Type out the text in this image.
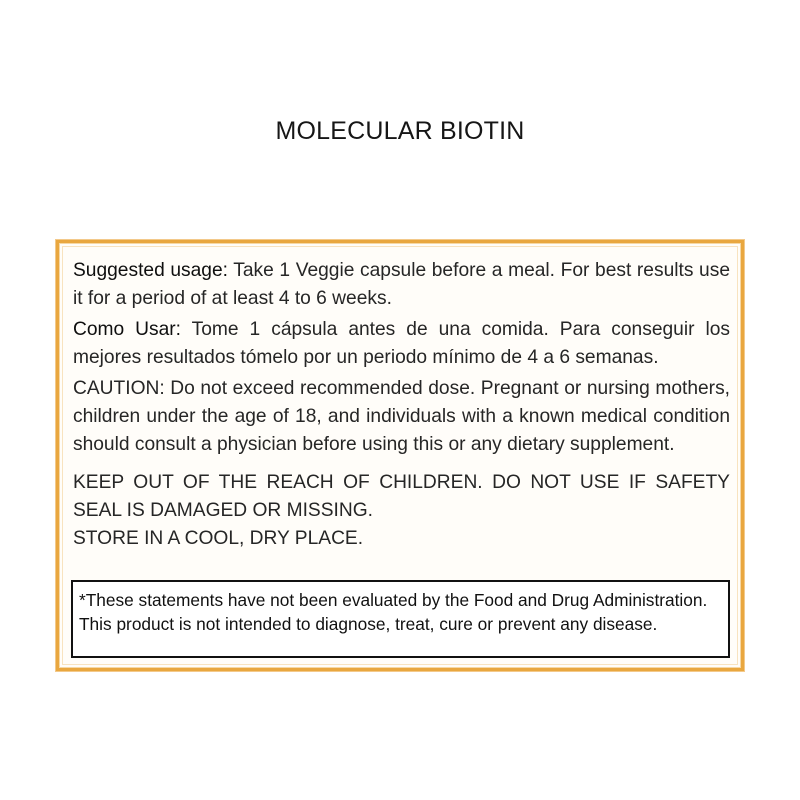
MOLECULAR BIOTIN

Suggested usage: Take 1 Veggie capsule before a meal. For best results use it for a period of at least 4 to 6 weeks.

Como Usar: Tome 1 cápsula antes de una comida. Para conseguir los mejores resultados tómelo por un periodo mínimo de 4 a 6 semanas.

CAUTION: Do not exceed recommended dose. Pregnant or nursing mothers, children under the age of 18, and individuals with a known medical condition should consult a physician before using this or any dietary supplement.

KEEP OUT OF THE REACH OF CHILDREN. DO NOT USE IF SAFETY SEAL IS DAMAGED OR MISSING.
STORE IN A COOL, DRY PLACE.
*These statements have not been evaluated by the Food and Drug Administration. This product is not intended to diagnose, treat, cure or prevent any disease.
